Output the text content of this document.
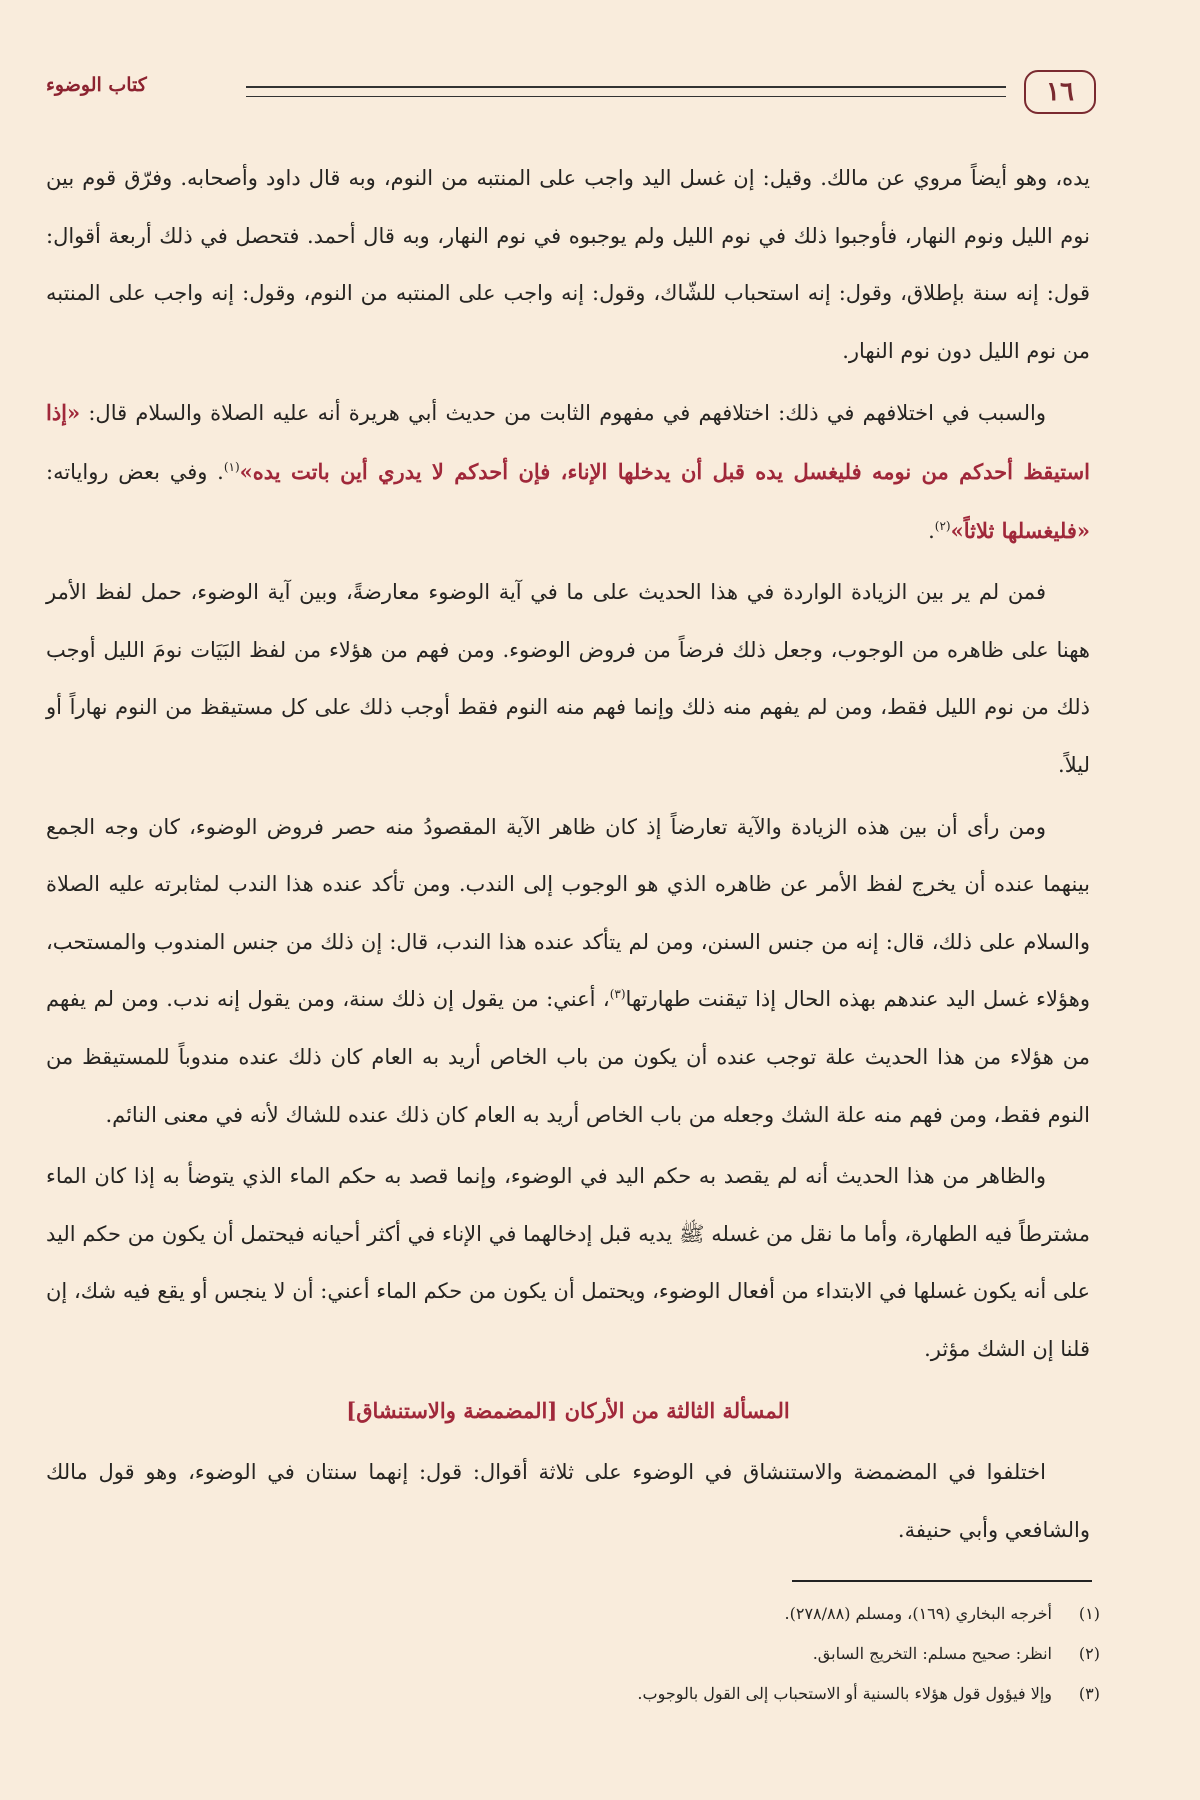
١٦
كتاب الوضوء

يده، وهو أيضاً مروي عن مالك. وقيل: إن غسل اليد واجب على المنتبه من النوم، وبه قال داود وأصحابه. وفرّق قوم بين نوم الليل ونوم النهار، فأوجبوا ذلك في نوم الليل ولم يوجبوه في نوم النهار، وبه قال أحمد. فتحصل في ذلك أربعة أقوال: قول: إنه سنة بإطلاق، وقول: إنه استحباب للشّاك، وقول: إنه واجب على المنتبه من النوم، وقول: إنه واجب على المنتبه من نوم الليل دون نوم النهار.

والسبب في اختلافهم في ذلك: اختلافهم في مفهوم الثابت من حديث أبي هريرة أنه عليه الصلاة والسلام قال: «إذا استيقظ أحدكم من نومه فليغسل يده قبل أن يدخلها الإناء، فإن أحدكم لا يدري أين باتت يده»$^{(١)}$. وفي بعض رواياته: «فليغسلها ثلاثاً»$^{(٢)}$.

فمن لم ير بين الزيادة الواردة في هذا الحديث على ما في آية الوضوء معارضةً، وبين آية الوضوء، حمل لفظ الأمر ههنا على ظاهره من الوجوب، وجعل ذلك فرضاً من فروض الوضوء. ومن فهم من هؤلاء من لفظ البَيَات نومَ الليل أوجب ذلك من نوم الليل فقط، ومن لم يفهم منه ذلك وإنما فهم منه النوم فقط أوجب ذلك على كل مستيقظ من النوم نهاراً أو ليلاً.

ومن رأى أن بين هذه الزيادة والآية تعارضاً إذ كان ظاهر الآية المقصودُ منه حصر فروض الوضوء، كان وجه الجمع بينهما عنده أن يخرج لفظ الأمر عن ظاهره الذي هو الوجوب إلى الندب. ومن تأكد عنده هذا الندب لمثابرته عليه الصلاة والسلام على ذلك، قال: إنه من جنس السنن، ومن لم يتأكد عنده هذا الندب، قال: إن ذلك من جنس المندوب والمستحب، وهؤلاء غسل اليد عندهم بهذه الحال إذا تيقنت طهارتها$^{(٣)}$، أعني: من يقول إن ذلك سنة، ومن يقول إنه ندب. ومن لم يفهم من هؤلاء من هذا الحديث علة توجب عنده أن يكون من باب الخاص أريد به العام كان ذلك عنده مندوباً للمستيقظ من النوم فقط، ومن فهم منه علة الشك وجعله من باب الخاص أريد به العام كان ذلك عنده للشاك لأنه في معنى النائم.

والظاهر من هذا الحديث أنه لم يقصد به حكم اليد في الوضوء، وإنما قصد به حكم الماء الذي يتوضأ به إذا كان الماء مشترطاً فيه الطهارة، وأما ما نقل من غسله ﷺ يديه قبل إدخالهما في الإناء في أكثر أحيانه فيحتمل أن يكون من حكم اليد على أنه يكون غسلها في الابتداء من أفعال الوضوء، ويحتمل أن يكون من حكم الماء أعني: أن لا ينجس أو يقع فيه شك، إن قلنا إن الشك مؤثر.

المسألة الثالثة من الأركان [المضمضة والاستنشاق]

اختلفوا في المضمضة والاستنشاق في الوضوء على ثلاثة أقوال: قول: إنهما سنتان في الوضوء، وهو قول مالك والشافعي وأبي حنيفة.

(١)
أخرجه البخاري (١٦٩)، ومسلم (٢٧٨/٨٨).
(٢)
انظر: صحيح مسلم: التخريج السابق.
(٣)
وإلا فيؤول قول هؤلاء بالسنية أو الاستحباب إلى القول بالوجوب.
